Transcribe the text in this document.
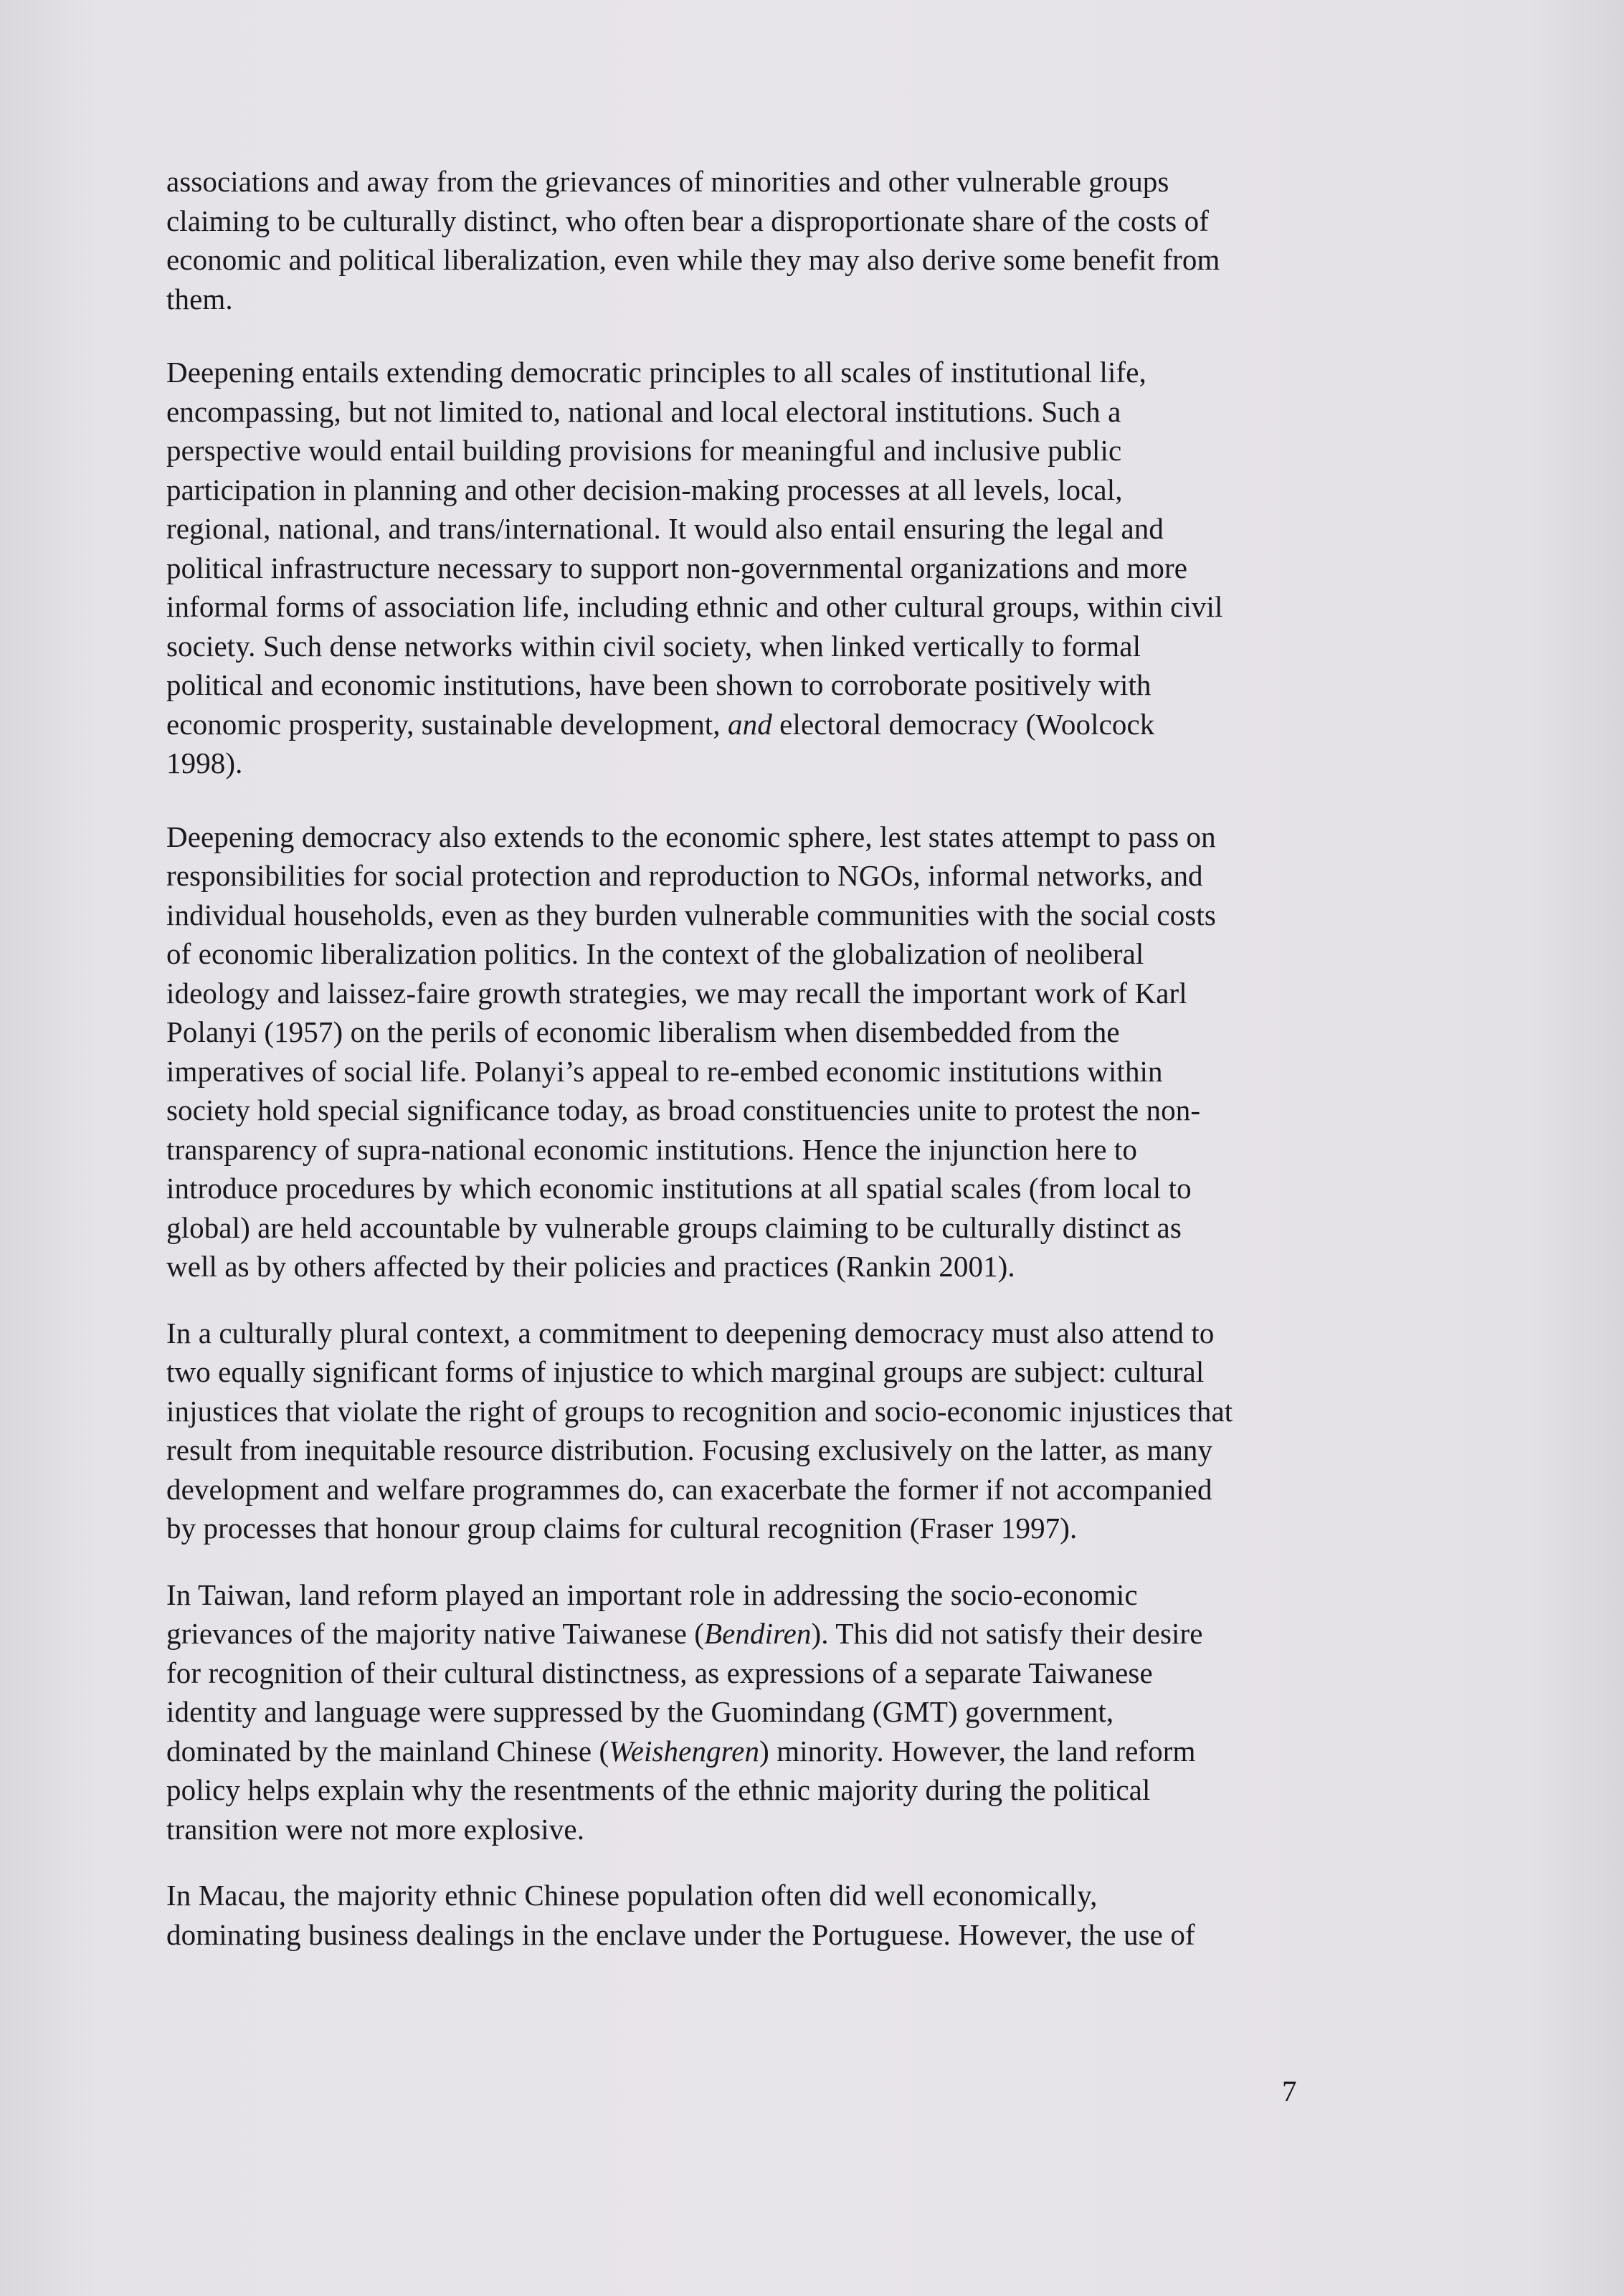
associations and away from the grievances of minorities and other vulnerable groups
claiming to be culturally distinct, who often bear a disproportionate share of the costs of
economic and political liberalization, even while they may also derive some benefit from
them.
Deepening entails extending democratic principles to all scales of institutional life,
encompassing, but not limited to, national and local electoral institutions. Such a
perspective would entail building provisions for meaningful and inclusive public
participation in planning and other decision-making processes at all levels, local,
regional, national, and trans/international. It would also entail ensuring the legal and
political infrastructure necessary to support non-governmental organizations and more
informal forms of association life, including ethnic and other cultural groups, within civil
society. Such dense networks within civil society, when linked vertically to formal
political and economic institutions, have been shown to corroborate positively with
economic prosperity, sustainable development, and electoral democracy (Woolcock
1998).
Deepening democracy also extends to the economic sphere, lest states attempt to pass on
responsibilities for social protection and reproduction to NGOs, informal networks, and
individual households, even as they burden vulnerable communities with the social costs
of economic liberalization politics. In the context of the globalization of neoliberal
ideology and laissez-faire growth strategies, we may recall the important work of Karl
Polanyi (1957) on the perils of economic liberalism when disembedded from the
imperatives of social life. Polanyi’s appeal to re-embed economic institutions within
society hold special significance today, as broad constituencies unite to protest the non-
transparency of supra-national economic institutions. Hence the injunction here to
introduce procedures by which economic institutions at all spatial scales (from local to
global) are held accountable by vulnerable groups claiming to be culturally distinct as
well as by others affected by their policies and practices (Rankin 2001).
In a culturally plural context, a commitment to deepening democracy must also attend to
two equally significant forms of injustice to which marginal groups are subject: cultural
injustices that violate the right of groups to recognition and socio-economic injustices that
result from inequitable resource distribution. Focusing exclusively on the latter, as many
development and welfare programmes do, can exacerbate the former if not accompanied
by processes that honour group claims for cultural recognition (Fraser 1997).
In Taiwan, land reform played an important role in addressing the socio-economic
grievances of the majority native Taiwanese (Bendiren). This did not satisfy their desire
for recognition of their cultural distinctness, as expressions of a separate Taiwanese
identity and language were suppressed by the Guomindang (GMT) government,
dominated by the mainland Chinese (Weishengren) minority. However, the land reform
policy helps explain why the resentments of the ethnic majority during the political
transition were not more explosive.
In Macau, the majority ethnic Chinese population often did well economically,
dominating business dealings in the enclave under the Portuguese. However, the use of
7
